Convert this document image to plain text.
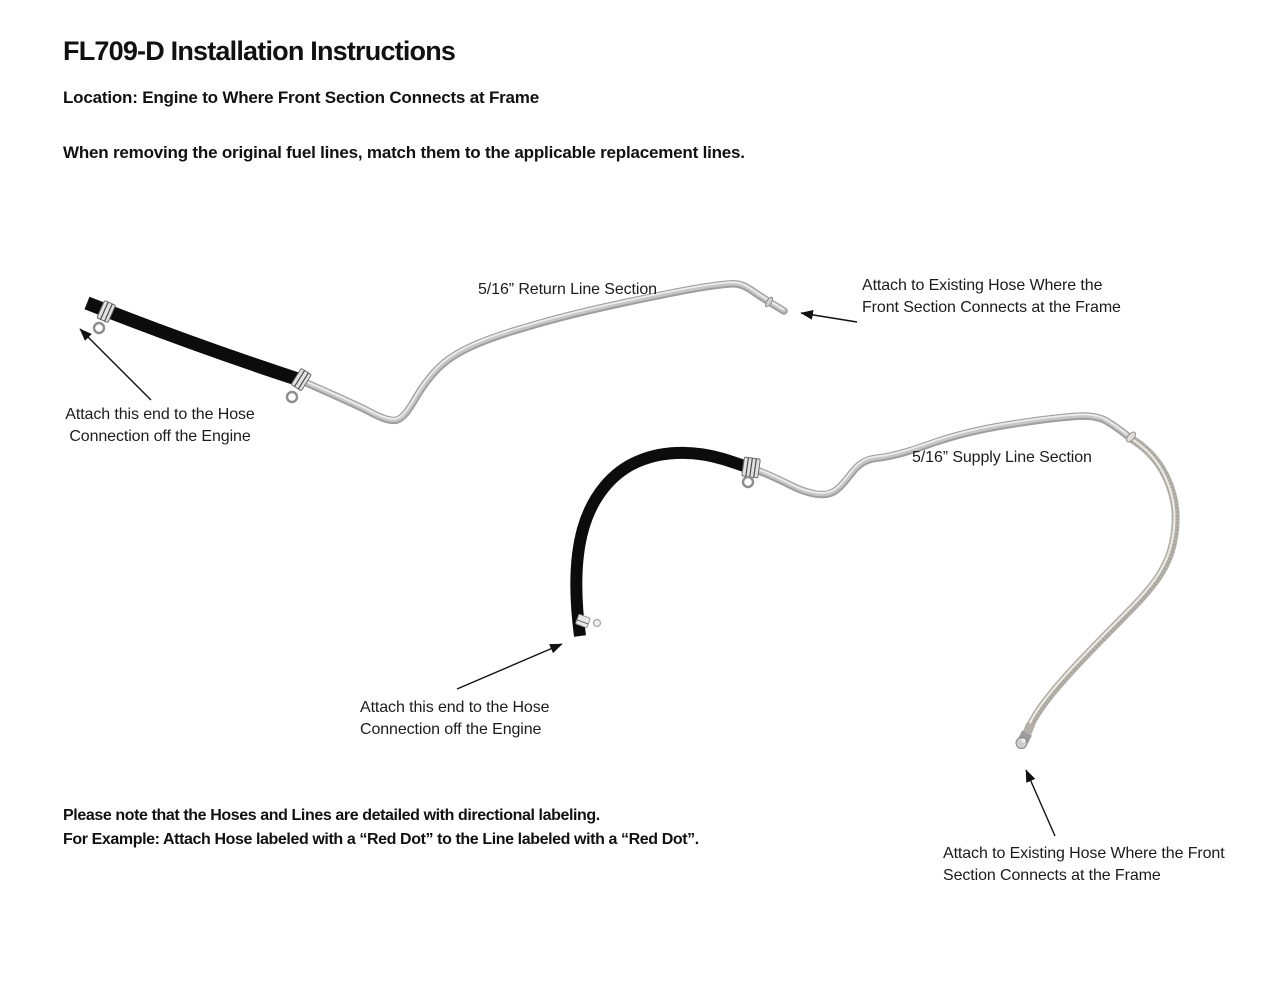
FL709-D Installation Instructions
Location: Engine to Where Front Section Connects at Frame
When removing the original fuel lines, match them to the applicable replacement lines.
5/16” Return Line Section	Attach to Existing Hose Where the
Front Section Connects at the Frame
Attach this end to the Hose
Connection off the Engine
5/16” Supply Line Section
Attach this end to the Hose
Connection off the Engine
Attach to Existing Hose Where the Front
Section Connects at the Frame
Please note that the Hoses and Lines are detailed with directional labeling.
For Example: Attach Hose labeled with a “Red Dot” to the Line labeled with a “Red Dot”.
